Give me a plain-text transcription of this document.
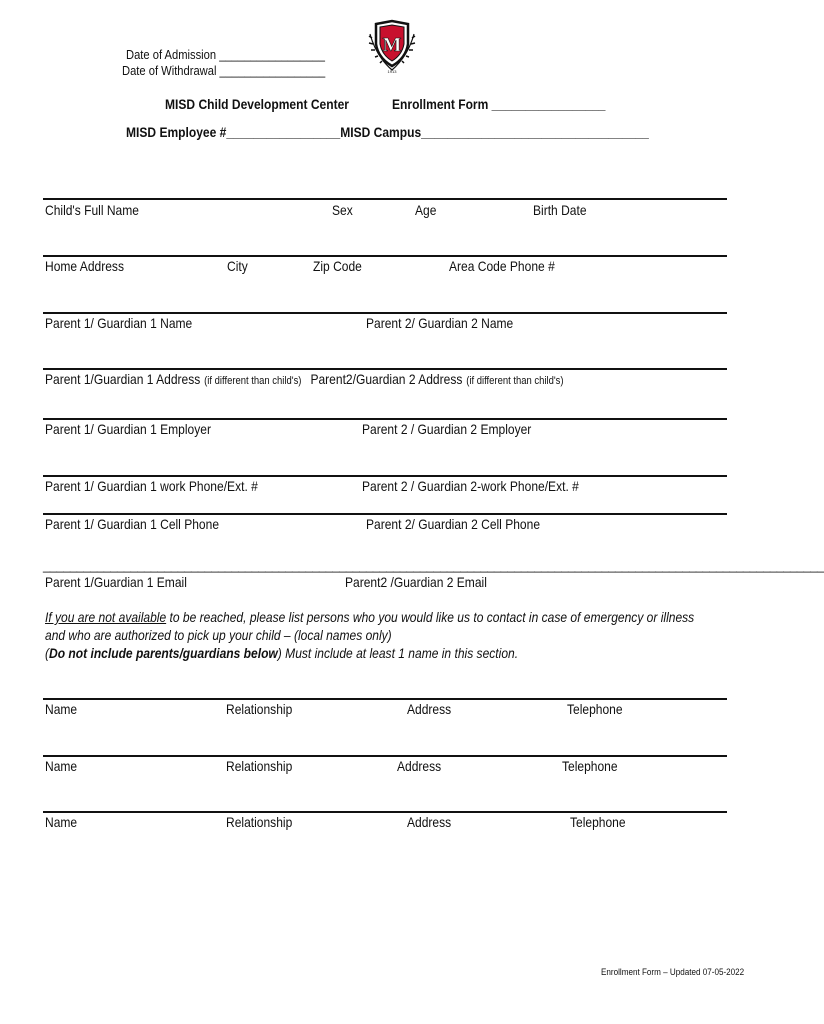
Date of Admission _________________
Date of Withdrawal _________________
M
1913
MISD Child Development Center	Enrollment Form _________________
MISD Employee #_________________MISD Campus__________________________________
Child's Full Name	Sex	Age	Birth Date
Home Address	City	Zip Code	Area Code Phone #
Parent 1/ Guardian 1 Name	Parent 2/ Guardian 2 Name
Parent 1/Guardian 1 Address (if different than child's) Parent2/Guardian 2 Address (if different than child's)
Parent 1/ Guardian 1 Employer	Parent 2 / Guardian 2 Employer
Parent 1/ Guardian 1 work Phone/Ext. #	Parent 2 / Guardian 2-work Phone/Ext. #
Parent 1/ Guardian 1 Cell Phone	Parent 2/ Guardian 2 Cell Phone
____________________________________________________________________________________________________________________
Parent 1/Guardian 1 Email	Parent2 /Guardian 2 Email
If you are not available to be reached, please list persons who you would like us to contact in case of emergency or illness
and who are authorized to pick up your child – (local names only)
(Do not include parents/guardians below) Must include at least 1 name in this section.
Name	Relationship	Address	Telephone
Name	Relationship	Address	Telephone
Name	Relationship	Address	Telephone
Enrollment Form – Updated 07-05-2022
